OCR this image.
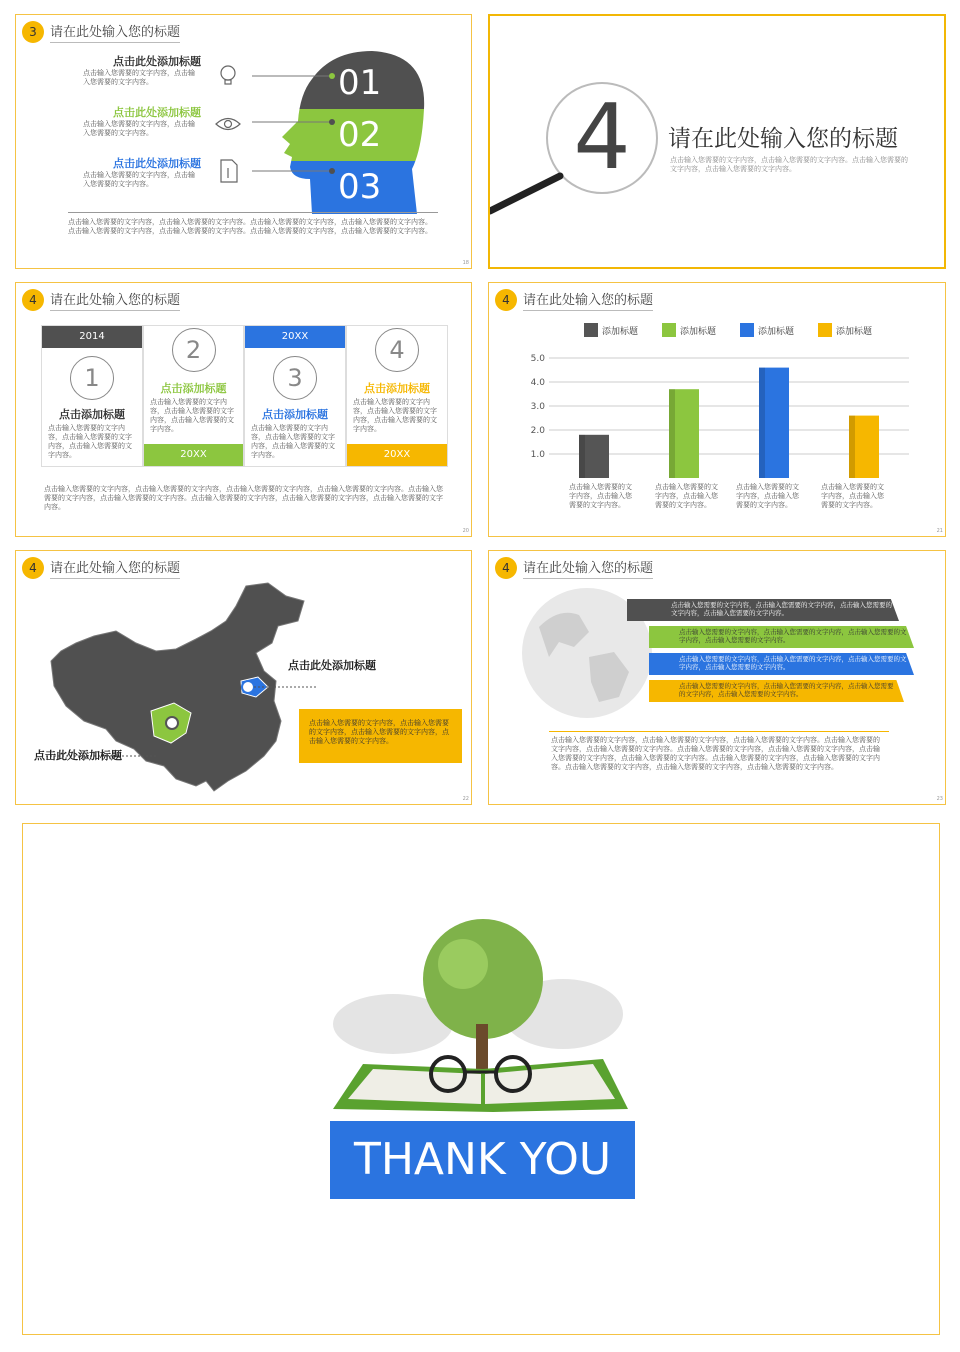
3	请在此处输入您的标题
点击此处添加标题
点击输入您需要的文字内容，点击输入您需要的文字内容。
点击此处添加标题
点击输入您需要的文字内容，点击输入您需要的文字内容。
点击此处添加标题
点击输入您需要的文字内容，点击输入您需要的文字内容。
01
02
03
点击输入您需要的文字内容，点击输入您需要的文字内容。点击输入您需要的文字内容，点击输入您需要的文字内容。点击输入您需要的文字内容，点击输入您需要的文字内容。点击输入您需要的文字内容，点击输入您需要的文字内容。
18
4	请在此处输入您的标题
点击输入您需要的文字内容，点击输入您需要的文字内容。点击输入您需要的文字内容，点击输入您需要的文字内容。
4	请在此处输入您的标题
2014
1
点击添加标题
点击输入您需要的文字内容，点击输入您需要的文字内容，点击输入您需要的文字内容。
2
点击添加标题
点击输入您需要的文字内容，点击输入您需要的文字内容，点击输入您需要的文字内容。
20XX
20XX
3
点击添加标题
点击输入您需要的文字内容，点击输入您需要的文字内容，点击输入您需要的文字内容。
4
点击添加标题
点击输入您需要的文字内容，点击输入您需要的文字内容，点击输入您需要的文字内容。
20XX
点击输入您需要的文字内容，点击输入您需要的文字内容，点击输入您需要的文字内容，点击输入您需要的文字内容。点击输入您需要的文字内容，点击输入您需要的文字内容。点击输入您需要的文字内容，点击输入您需要的文字内容，点击输入您需要的文字内容。
20
4	请在此处输入您的标题
添加标题	添加标题	添加标题	添加标题
1.0
2.0
3.0
4.0
5.0
点击输入您需要的文字内容，点击输入您需要的文字内容。
点击输入您需要的文字内容，点击输入您需要的文字内容。
点击输入您需要的文字内容，点击输入您需要的文字内容。
点击输入您需要的文字内容，点击输入您需要的文字内容。
21
4	请在此处输入您的标题
点击此处添加标题
点击此处添加标题
点击输入您需要的文字内容，点击输入您需要的文字内容，点击输入您需要的文字内容，点击输入您需要的文字内容。
22
4	请在此处输入您的标题
点击输入您需要的文字内容，点击输入您需要的文字内容，点击输入您需要的文字内容，点击输入您需要的文字内容。
点击输入您需要的文字内容，点击输入您需要的文字内容，点击输入您需要的文字内容，点击输入您需要的文字内容。
点击输入您需要的文字内容，点击输入您需要的文字内容，点击输入您需要的文字内容，点击输入您需要的文字内容。
点击输入您需要的文字内容，点击输入您需要的文字内容，点击输入您需要的文字内容，点击输入您需要的文字内容。
点击输入您需要的文字内容，点击输入您需要的文字内容，点击输入您需要的文字内容。点击输入您需要的文字内容，点击输入您需要的文字内容。点击输入您需要的文字内容，点击输入您需要的文字内容，点击输入您需要的文字内容，点击输入您需要的文字内容。点击输入您需要的文字内容，点击输入您需要的文字内容。点击输入您需要的文字内容，点击输入您需要的文字内容，点击输入您需要的文字内容。
23
THANK YOU
